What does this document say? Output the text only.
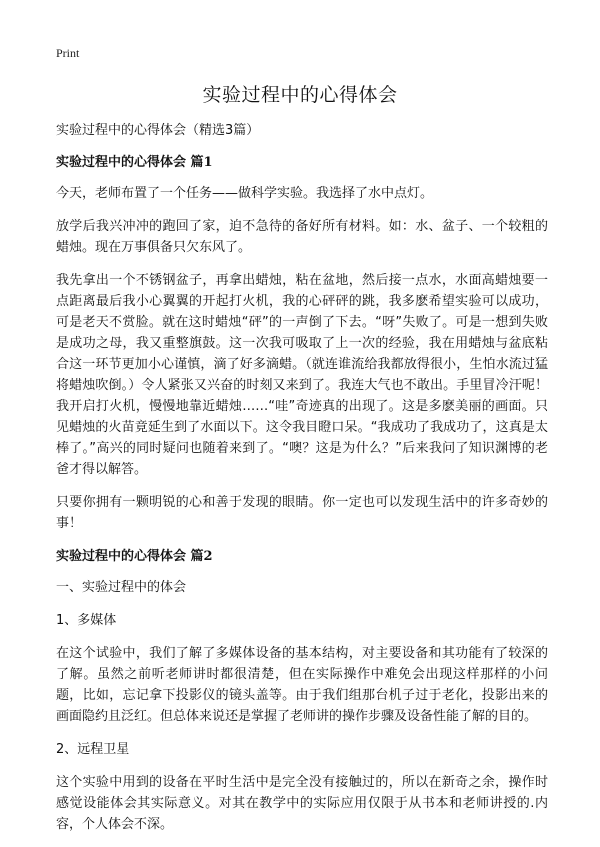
Print
实验过程中的心得体会

实验过程中的心得体会（精选3篇）

实验过程中的心得体会 篇1

今天，老师布置了一个任务——做科学实验。我选择了水中点灯。

放学后我兴冲冲的跑回了家，迫不急待的备好所有材料。如：水、盆子、一个较粗的蜡烛。现在万事俱备只欠东风了。

我先拿出一个不锈钢盆子，再拿出蜡烛，粘在盆地，然后接一点水，水面高蜡烛要一点距离最后我小心翼翼的开起打火机，我的心砰砰的跳，我多麽希望实验可以成功，可是老天不赏脸。就在这时蜡烛“砰”的一声倒了下去。“呀”失败了。可是一想到失败是成功之母，我又重整旗鼓。这一次我可吸取了上一次的经验，我在用蜡烛与盆底粘合这一环节更加小心谨慎，滴了好多滴蜡。（就连谁流给我都放得很小，生怕水流过猛将蜡烛吹倒。）令人紧张又兴奋的时刻又来到了。我连大气也不敢出。手里冒冷汗呢！我开启打火机，慢慢地靠近蜡烛……“哇”奇迹真的出现了。这是多麽美丽的画面。只见蜡烛的火苗竟延生到了水面以下。这令我目瞪口呆。“我成功了我成功了，这真是太棒了。”高兴的同时疑问也随着来到了。“噢？这是为什么？”后来我问了知识渊博的老爸才得以解答。

只要你拥有一颗明锐的心和善于发现的眼睛。你一定也可以发现生活中的许多奇妙的事！

实验过程中的心得体会 篇2

一、实验过程中的体会

1、多媒体

在这个试验中，我们了解了多媒体设备的基本结构，对主要设备和其功能有了较深的了解。虽然之前听老师讲时都很清楚，但在实际操作中难免会出现这样那样的小问题，比如，忘记拿下投影仪的镜头盖等。由于我们组那台机子过于老化，投影出来的画面隐约且泛红。但总体来说还是掌握了老师讲的操作步骤及设备性能了解的目的。

2、远程卫星

这个实验中用到的设备在平时生活中是完全没有接触过的，所以在新奇之余，操作时感觉设能体会其实际意义。对其在教学中的实际应用仅限于从书本和老师讲授的.内容，个人体会不深。
